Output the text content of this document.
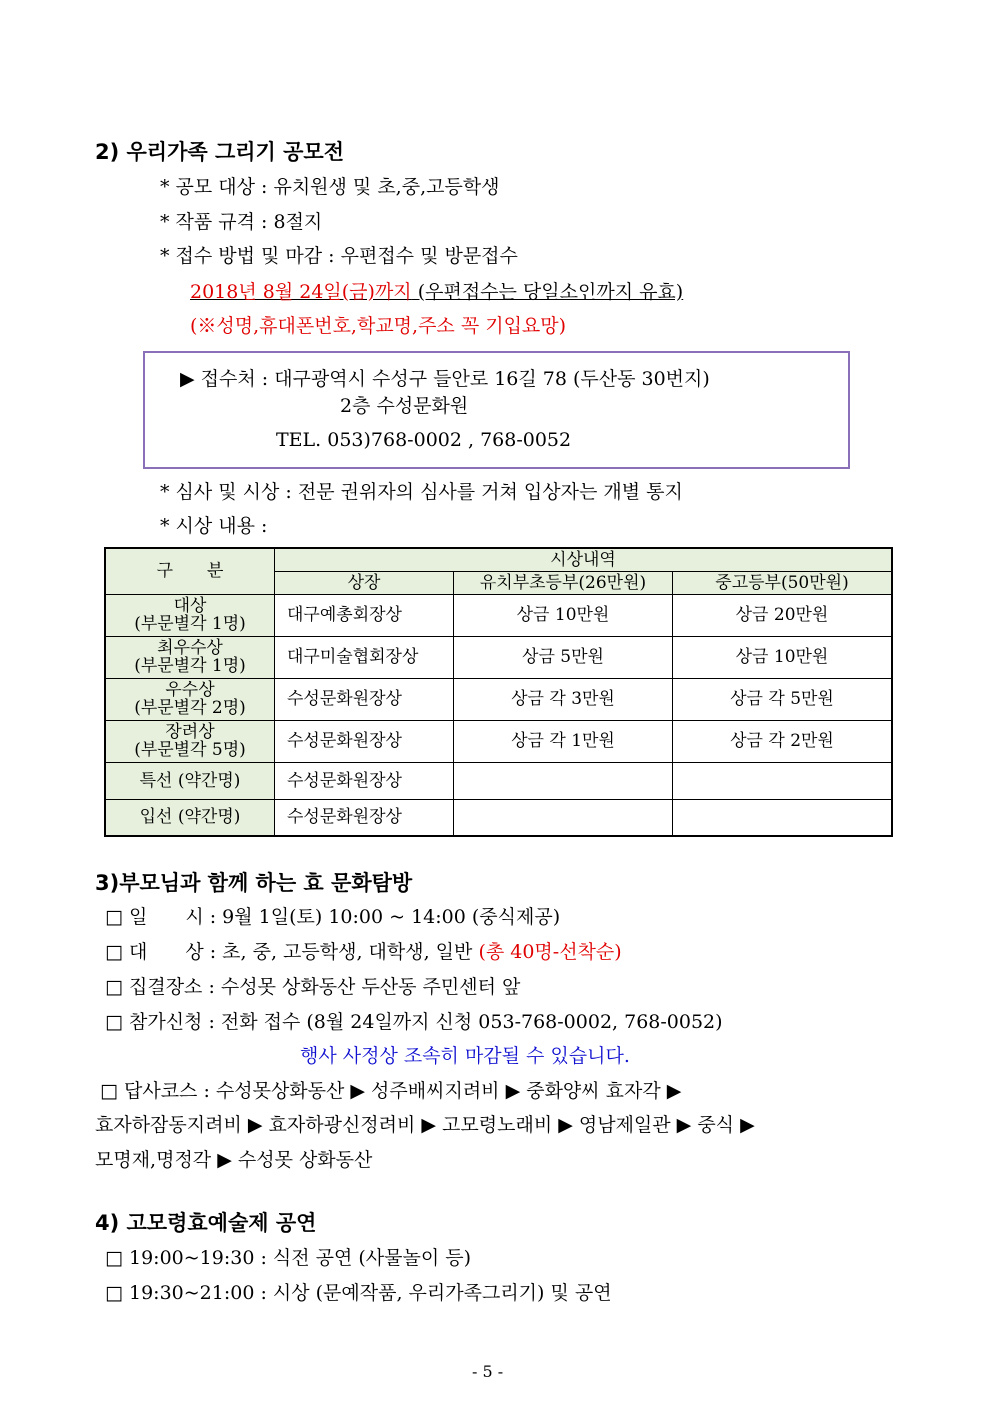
2) 우리가족 그리기 공모전
* 공모 대상 : 유치원생 및 초,중,고등학생
* 작품 규격 : 8절지
* 접수 방법 및 마감 : 우편접수 및 방문접수
2018년 8월 24일(금)까지 (우편접수는 당일소인까지 유효)
(※성명,휴대폰번호,학교명,주소 꼭 기입요망)
▶ 접수처 : 대구광역시 수성구 들안로 16길 78 (두산동 30번지)
2층 수성문화원
TEL. 053)768-0002 , 768-0052
* 심사 및 시상 : 전문 권위자의 심사를 거쳐 입상자는 개별 통지
* 시상 내용 :
구　　분	시상내역		
	상장	유치부초등부(26만원)	중고등부(50만원)

대상
(부문별각 1명)	대구예총회장상	상금 10만원	상금 20만원

최우수상
(부문별각 1명)	대구미술협회장상	상금 5만원	상금 10만원

우수상
(부문별각 2명)	수성문화원장상	상금 각 3만원	상금 각 5만원

장려상
(부문별각 5명)	수성문화원장상	상금 각 1만원	상금 각 2만원
특선 (약간명)	수성문화원장상		
입선 (약간명)	수성문화원장상		
3)부모님과 함께 하는 효 문화탐방
□ 일　　시 : 9월 1일(토) 10:00 ~ 14:00 (중식제공)
□ 대　　상 : 초, 중, 고등학생, 대학생, 일반 (총 40명-선착순)
□ 집결장소 : 수성못 상화동산 두산동 주민센터 앞
□ 참가신청 : 전화 접수 (8월 24일까지 신청 053-768-0002, 768-0052)
행사 사정상 조속히 마감될 수 있습니다.
□ 답사코스 : 수성못상화동산 ▶ 성주배씨지려비 ▶ 중화양씨 효자각 ▶
효자하잠동지려비 ▶ 효자하광신정려비 ▶ 고모령노래비 ▶ 영남제일관 ▶ 중식 ▶
모명재,명정각 ▶ 수성못 상화동산
4) 고모령효예술제 공연
□ 19:00~19:30 : 식전 공연 (사물놀이 등)
□ 19:30~21:00 : 시상 (문예작품, 우리가족그리기) 및 공연
- 5 -
